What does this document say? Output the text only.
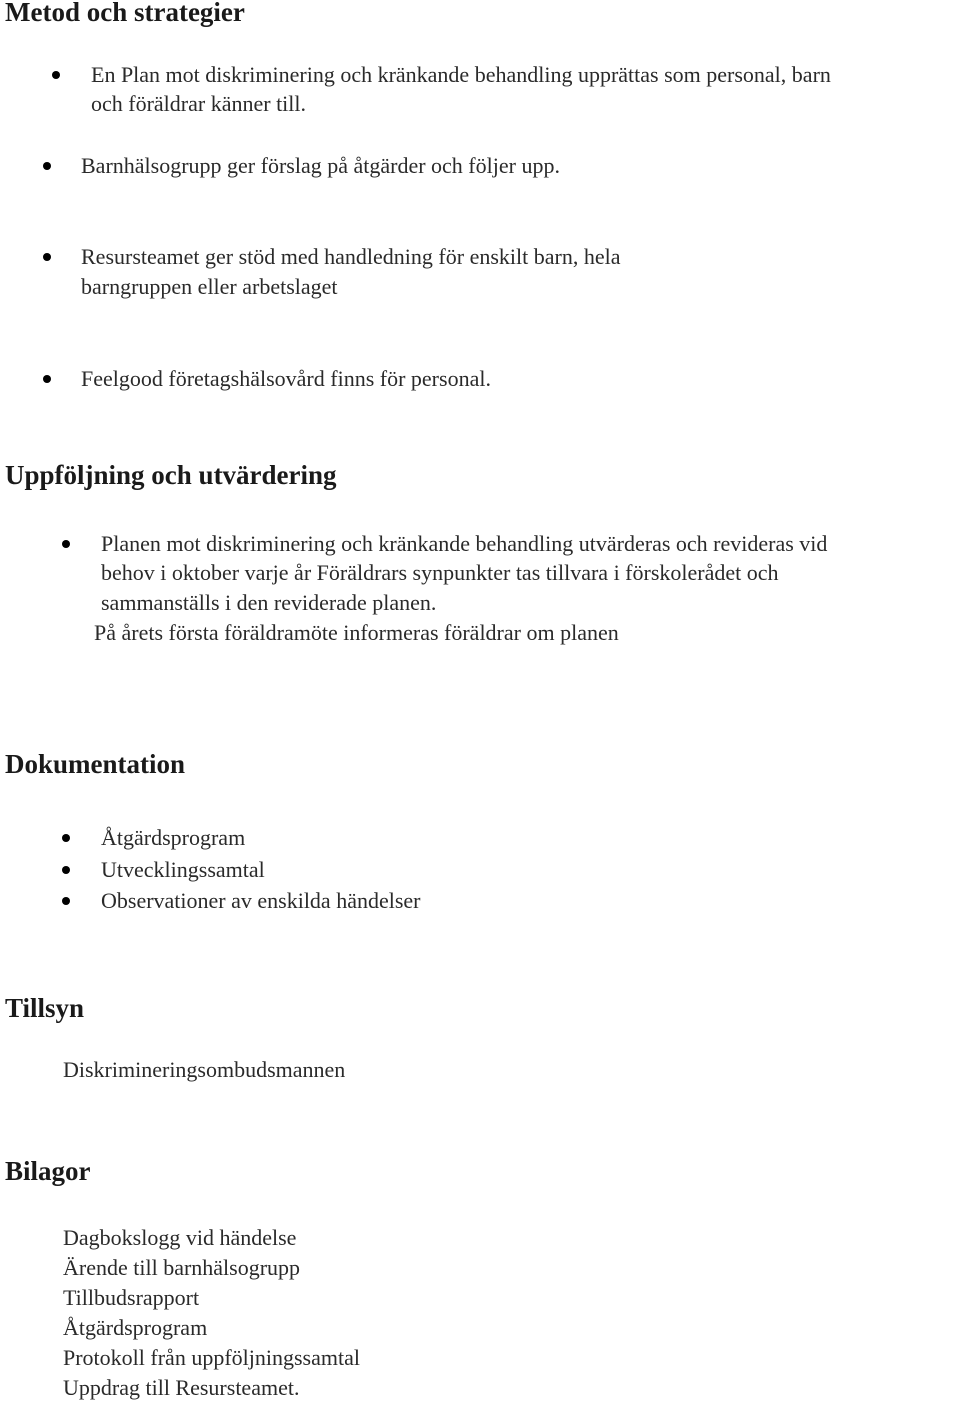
Metod och strategier

En Plan mot diskriminering och kränkande behandling upprättas som personal, barn

och föräldrar känner till.

Barnhälsogrupp ger förslag på åtgärder och följer upp.

Resursteamet ger stöd med handledning för enskilt barn, hela

barngruppen eller arbetslaget

Feelgood företagshälsovård finns för personal.

Uppföljning och utvärdering

Planen mot diskriminering och kränkande behandling utvärderas och revideras vid

behov i oktober varje år Föräldrars synpunkter tas tillvara i förskolerådet och

sammanställs i den reviderade planen.

På årets första föräldramöte informeras föräldrar om planen

Dokumentation

Åtgärdsprogram

Utvecklingssamtal

Observationer av enskilda händelser

Tillsyn

Diskrimineringsombudsmannen

Bilagor

Dagbokslogg vid händelse

Ärende till barnhälsogrupp

Tillbudsrapport

Åtgärdsprogram

Protokoll från uppföljningssamtal

Uppdrag till Resursteamet.
